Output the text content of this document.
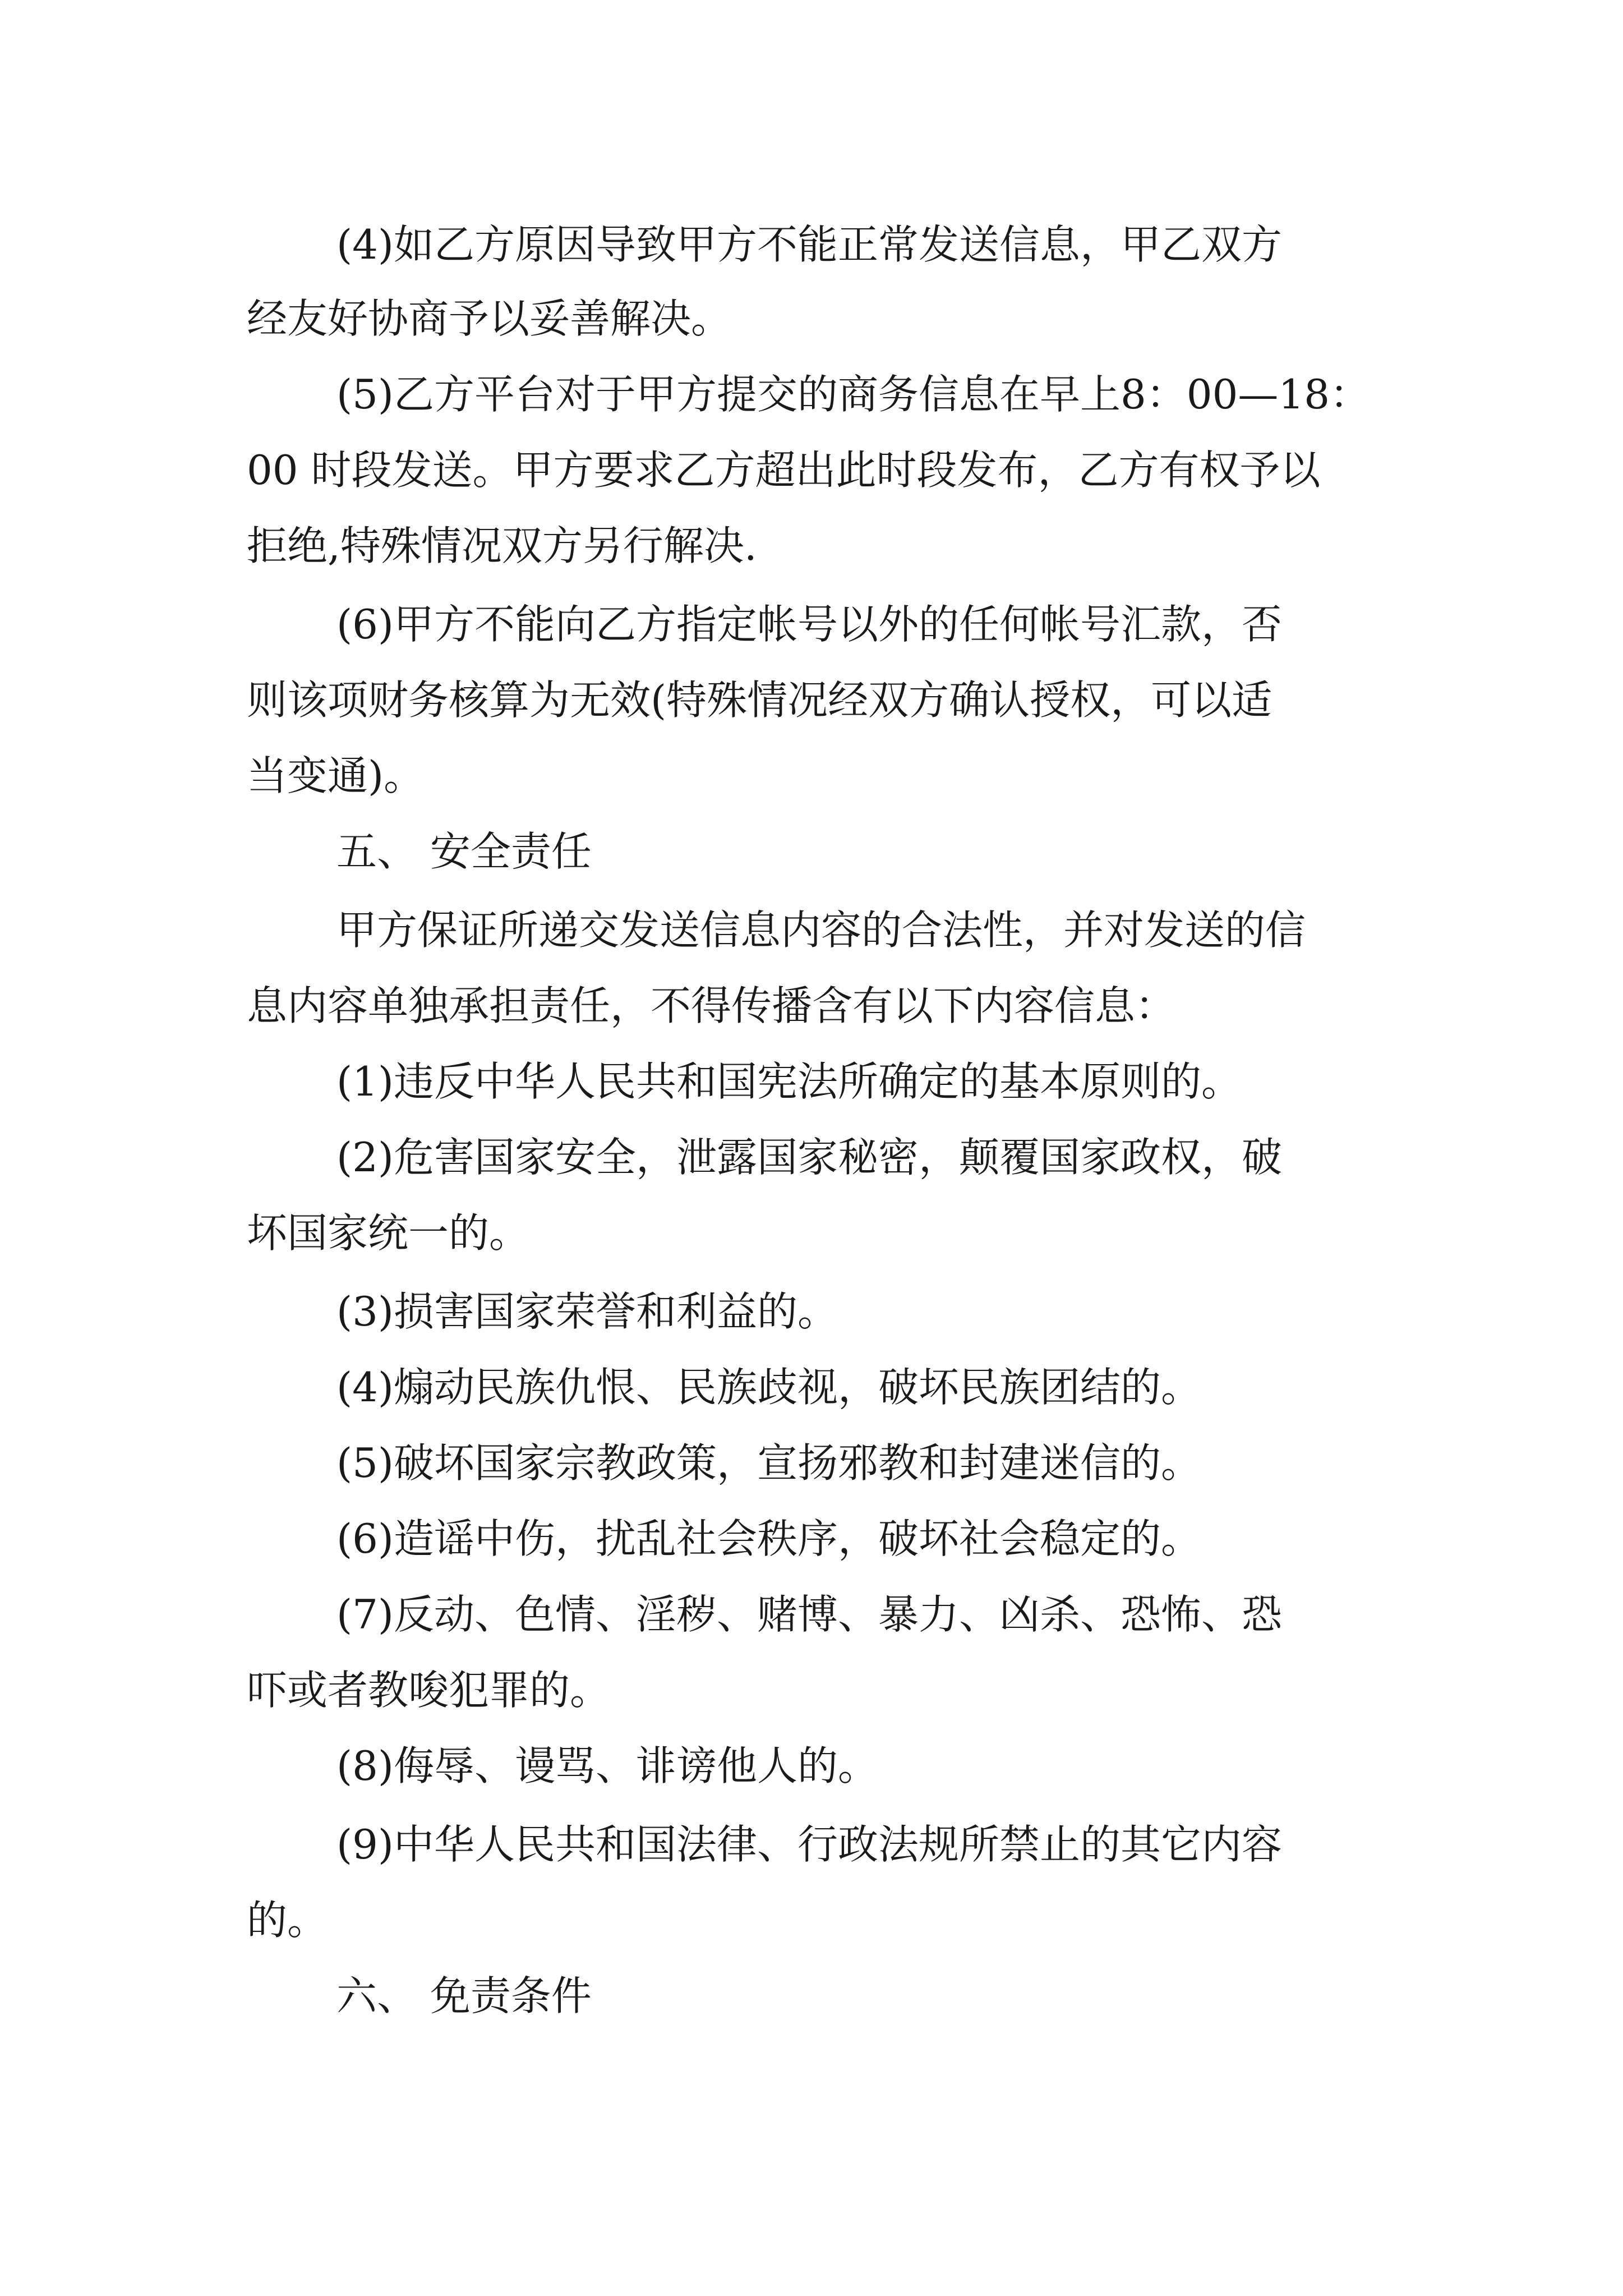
(4)如乙方原因导致甲方不能正常发送信息，甲乙双方
经友好协商予以妥善解决。
(5)乙方平台对于甲方提交的商务信息在早上8：00—18：
00 时段发送。甲方要求乙方超出此时段发布，乙方有权予以
拒绝,特殊情况双方另行解决.
(6)甲方不能向乙方指定帐号以外的任何帐号汇款，否
则该项财务核算为无效(特殊情况经双方确认授权，可以适
当变通)。
五、 安全责任
甲方保证所递交发送信息内容的合法性，并对发送的信
息内容单独承担责任，不得传播含有以下内容信息：
(1)违反中华人民共和国宪法所确定的基本原则的。
(2)危害国家安全，泄露国家秘密，颠覆国家政权，破
坏国家统一的。
(3)损害国家荣誉和利益的。
(4)煽动民族仇恨、民族歧视，破坏民族团结的。
(5)破坏国家宗教政策，宣扬邪教和封建迷信的。
(6)造谣中伤，扰乱社会秩序，破坏社会稳定的。
(7)反动、色情、淫秽、赌博、暴力、凶杀、恐怖、恐
吓或者教唆犯罪的。
(8)侮辱、谩骂、诽谤他人的。
(9)中华人民共和国法律、行政法规所禁止的其它内容
的。
六、 免责条件
